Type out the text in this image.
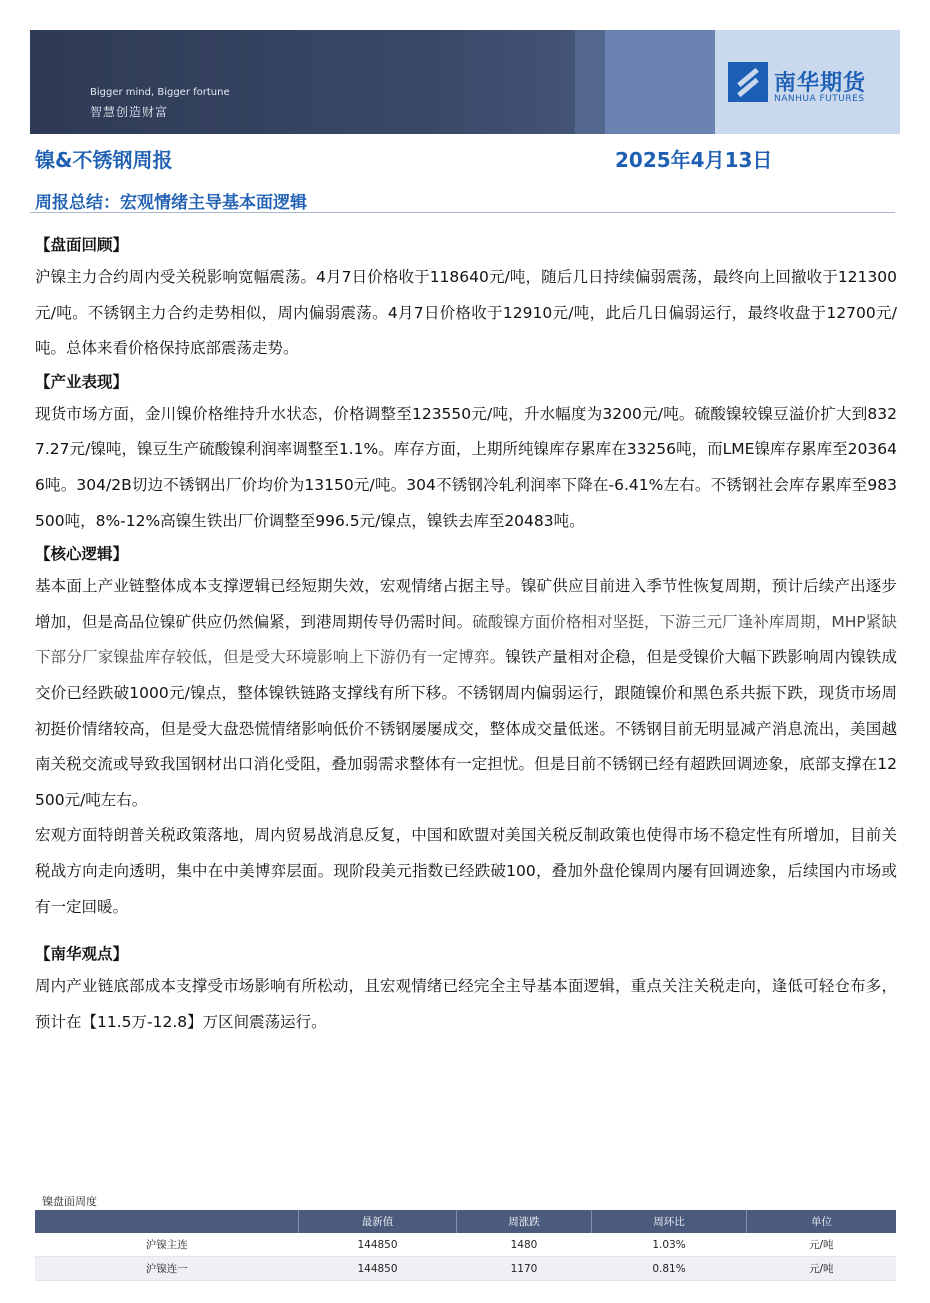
Bigger mind, Bigger fortune
智慧创造财富
南华期货
NANHUA FUTURES
镍&不锈钢周报	2025年4月13日
周报总结：宏观情绪主导基本面逻辑
【盘面回顾】

沪镍主力合约周内受关税影响宽幅震荡。4月7日价格收于118640元/吨，随后几日持续偏弱震荡，最终向上回撤收于121300元/吨。不锈钢主力合约走势相似，周内偏弱震荡。4月7日价格收于12910元/吨，此后几日偏弱运行，最终收盘于12700元/吨。总体来看价格保持底部震荡走势。

【产业表现】

现货市场方面，金川镍价格维持升水状态，价格调整至123550元/吨，升水幅度为3200元/吨。硫酸镍较镍豆溢价扩大到8327.27元/镍吨，镍豆生产硫酸镍利润率调整至1.1%。库存方面，上期所纯镍库存累库在33256吨，而LME镍库存累库至203646吨。304/2B切边不锈钢出厂价均价为13150元/吨。304不锈钢冷轧利润率下降在-6.41%左右。不锈钢社会库存累库至983500吨，8%-12%高镍生铁出厂价调整至996.5元/镍点，镍铁去库至20483吨。

【核心逻辑】

基本面上产业链整体成本支撑逻辑已经短期失效，宏观情绪占据主导。镍矿供应目前进入季节性恢复周期，预计后续产出逐步增加，但是高品位镍矿供应仍然偏紧，到港周期传导仍需时间。硫酸镍方面价格相对坚挺，下游三元厂逢补库周期，MHP紧缺下部分厂家镍盐库存较低，但是受大环境影响上下游仍有一定博弈。镍铁产量相对企稳，但是受镍价大幅下跌影响周内镍铁成交价已经跌破1000元/镍点，整体镍铁链路支撑线有所下移。不锈钢周内偏弱运行，跟随镍价和黑色系共振下跌，现货市场周初挺价情绪较高，但是受大盘恐慌情绪影响低价不锈钢屡屡成交，整体成交量低迷。不锈钢目前无明显减产消息流出，美国越南关税交流或导致我国钢材出口消化受阻，叠加弱需求整体有一定担忧。但是目前不锈钢已经有超跌回调迹象，底部支撑在12500元/吨左右。

宏观方面特朗普关税政策落地，周内贸易战消息反复，中国和欧盟对美国关税反制政策也使得市场不稳定性有所增加，目前关税战方向走向透明，集中在中美博弈层面。现阶段美元指数已经跌破100，叠加外盘伦镍周内屡有回调迹象，后续国内市场或有一定回暖。

【南华观点】

周内产业链底部成本支撑受市场影响有所松动，且宏观情绪已经完全主导基本面逻辑，重点关注关税走向，逢低可轻仓布多，预计在【11.5万-12.8】万区间震荡运行。

镍盘面周度
	最新值	周涨跌	周环比	单位
沪镍主连	144850	1480	1.03%	元/吨
沪镍连一	144850	1170	0.81%	元/吨
